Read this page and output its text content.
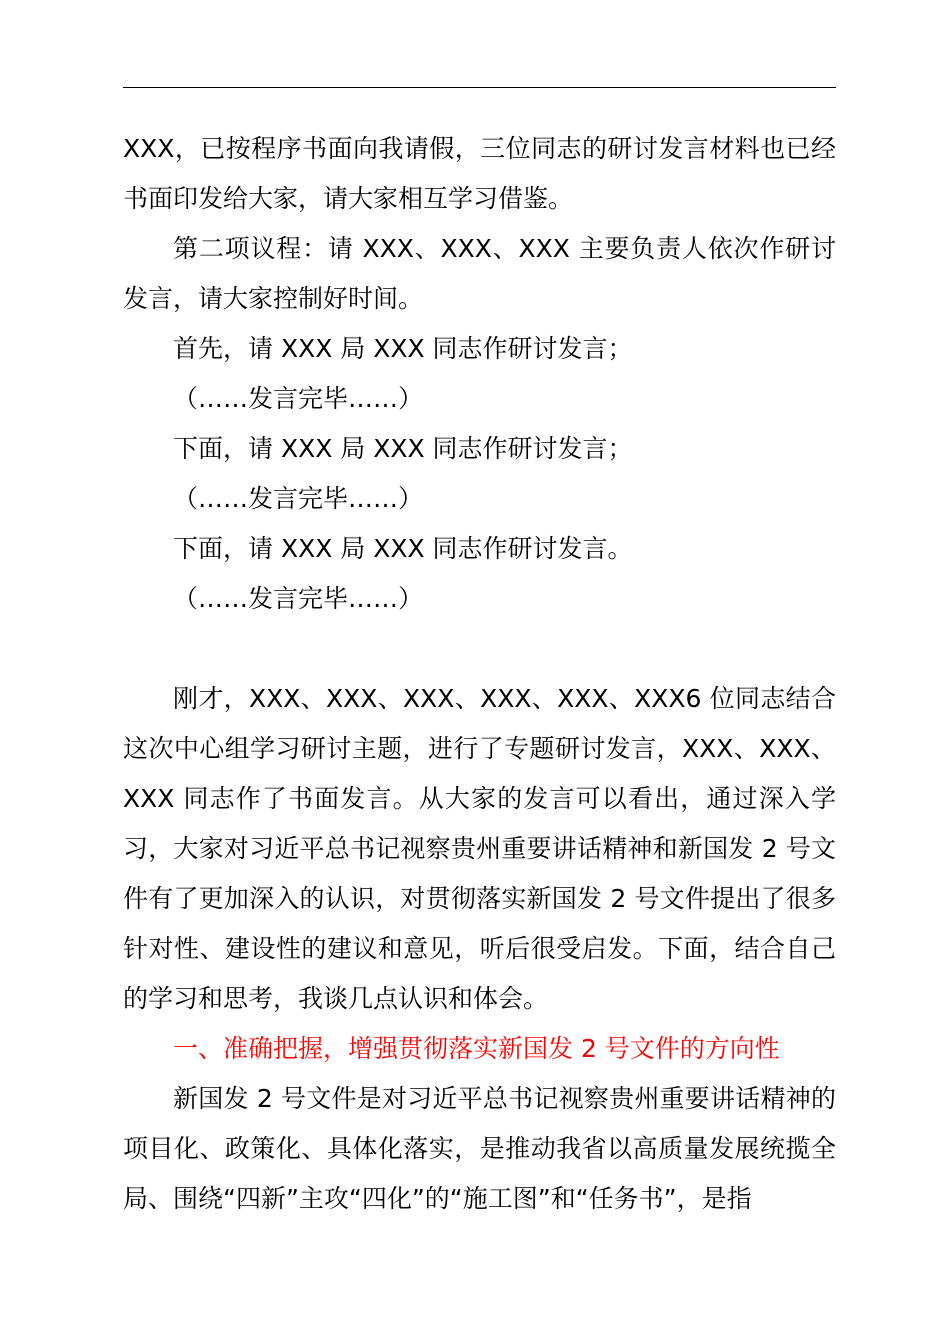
XXX，已按程序书面向我请假，三位同志的研讨发言材料也已经书面印发给大家，请大家相互学习借鉴。

第二项议程：请 XXX、XXX、XXX 主要负责人依次作研讨发言，请大家控制好时间。

首先，请 XXX 局 XXX 同志作研讨发言；

（……发言完毕……）

下面，请 XXX 局 XXX 同志作研讨发言；

（……发言完毕……）

下面，请 XXX 局 XXX 同志作研讨发言。

（……发言完毕……）

刚才，XXX、XXX、XXX、XXX、XXX、XXX6 位同志结合这次中心组学习研讨主题，进行了专题研讨发言，XXX、XXX、XXX 同志作了书面发言。从大家的发言可以看出，通过深入学习，大家对习近平总书记视察贵州重要讲话精神和新国发 2 号文件有了更加深入的认识，对贯彻落实新国发 2 号文件提出了很多针对性、建设性的建议和意见，听后很受启发。下面，结合自己的学习和思考，我谈几点认识和体会。

一、准确把握，增强贯彻落实新国发 2 号文件的方向性

新国发 2 号文件是对习近平总书记视察贵州重要讲话精神的项目化、政策化、具体化落实，是推动我省以高质量发展统揽全局、围绕“四新”主攻“四化”的“施工图”和“任务书”，是指
